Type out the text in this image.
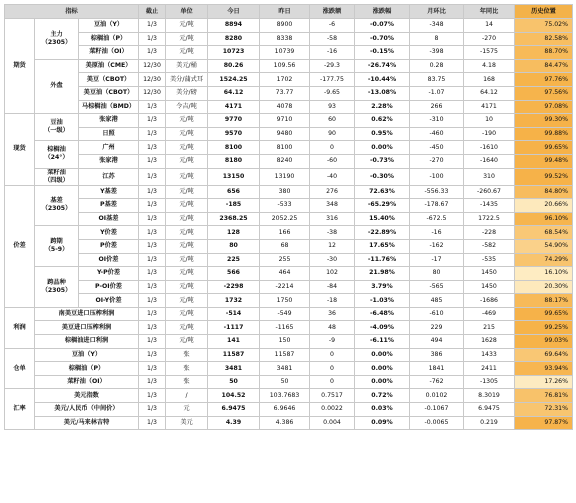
指标			截止	单位	今日	昨日	涨跌额	涨跌幅	月环比	年同比	历史位置
期货	主力
（2305）	豆油（Y）	1/3	元/吨	8894	8900	-6	-0.07%	-348	14	75.02%
		棕榈油（P）	1/3	元/吨	8280	8338	-58	-0.70%	8	-270	82.58%
		菜籽油（OI）	1/3	元/吨	10723	10739	-16	-0.15%	-398	-1575	88.70%
	外盘	美原油（CME）	12/30	美元/桶	80.26	109.56	-29.3	-26.74%	0.28	4.18	84.47%
		美豆（CBOT）	12/30	美分/蒲式耳	1524.25	1702	-177.75	-10.44%	83.75	168	97.76%
		美豆油（CBOT）	12/30	美分/磅	64.12	73.77	-9.65	-13.08%	-1.07	64.12	97.56%
		马棕榈油（BMD）	1/3	令吉/吨	4171	4078	93	2.28%	266	4171	97.08%
现货	豆油
（一级）	张家港	1/3	元/吨	9770	9710	60	0.62%	-310	10	99.30%
		日照	1/3	元/吨	9570	9480	90	0.95%	-460	-190	99.88%
	棕榈油
（24°）	广州	1/3	元/吨	8100	8100	0	0.00%	-450	-1610	99.65%
		张家港	1/3	元/吨	8180	8240	-60	-0.73%	-270	-1640	99.48%
	菜籽油
（四级）	江苏	1/3	元/吨	13150	13190	-40	-0.30%	-100	310	99.52%
价差	基差
（2305）	Y基差	1/3	元/吨	656	380	276	72.63%	-556.33	-260.67	84.80%
		P基差	1/3	元/吨	-185	-533	348	-65.29%	-178.67	-1435	20.66%
		OI基差	1/3	元/吨	2368.25	2052.25	316	15.40%	-672.5	1722.5	96.10%
	跨期
（5-9）	Y价差	1/3	元/吨	128	166	-38	-22.89%	-16	-228	68.54%
		P价差	1/3	元/吨	80	68	12	17.65%	-162	-582	54.90%
		OI价差	1/3	元/吨	225	255	-30	-11.76%	-17	-535	74.29%
	跨品种
（2305）	Y-P价差	1/3	元/吨	566	464	102	21.98%	80	1450	16.10%
		P-OI价差	1/3	元/吨	-2298	-2214	-84	3.79%	-565	1450	20.30%
		OI-Y价差	1/3	元/吨	1732	1750	-18	-1.03%	485	-1686	88.17%
利润	南美豆进口压榨利润		1/3	元/吨	-514	-549	36	-6.48%	-610	-469	99.65%
	美豆进口压榨利润		1/3	元/吨	-1117	-1165	48	-4.09%	229	215	99.25%
	棕榈油进口利润		1/3	元/吨	141	150	-9	-6.11%	494	1628	99.03%
仓单	豆油（Y）		1/3	张	11587	11587	0	0.00%	386	1433	69.64%
	棕榈油（P）		1/3	张	3481	3481	0	0.00%	1841	2411	93.94%
	菜籽油（OI）		1/3	张	50	50	0	0.00%	-762	-1305	17.26%
汇率	美元指数		1/3	/	104.52	103.7683	0.7517	0.72%	0.0102	8.3019	76.81%
	美元/人民币（中间价）		1/3	元	6.9475	6.9646	0.0022	0.03%	-0.1067	6.9475	72.31%
	美元/马来林吉特		1/3	美元	4.39	4.386	0.004	0.09%	-0.0065	0.219	97.87%
